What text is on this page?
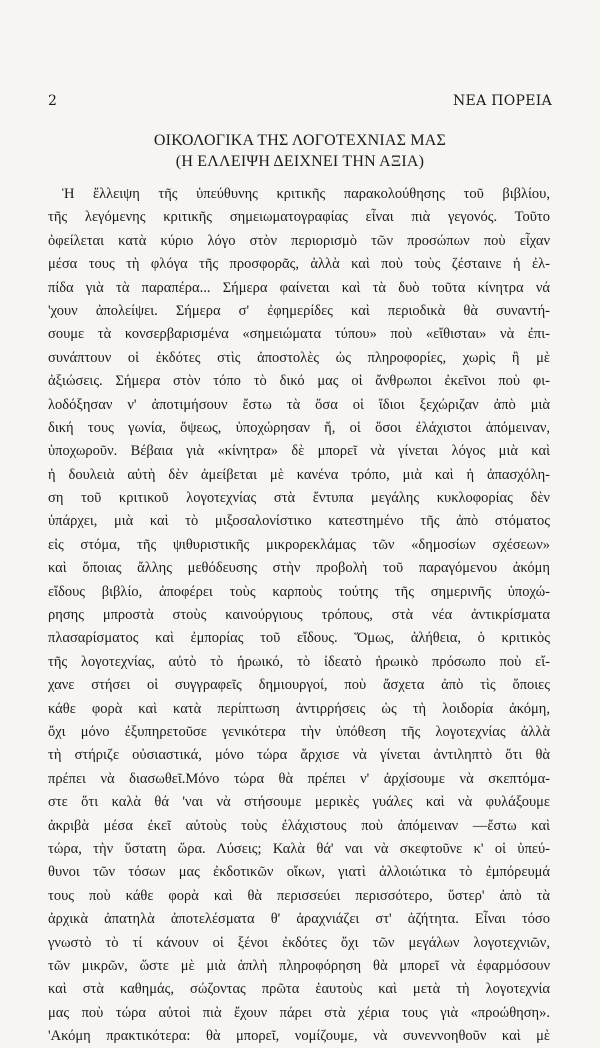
2	ΝΕΑ ΠΟΡΕΙΑ
ΟΙΚΟΛΟΓΙΚΑ ΤΗΣ ΛΟΓΟΤΕΧΝΙΑΣ ΜΑΣ
(Η ΕΛΛΕΙΨΗ ΔΕΙΧΝΕΙ ΤΗΝ ΑΞΙΑ)
Ἡ ἔλλειψη τῆς ὑπεύθυνης κριτικῆς παρακολούθησης τοῦ βιβλίου,
τῆς λεγόμενης κριτικῆς σημειωματογραφίας εἶναι πιὰ γεγονός. Τοῦτο
ὀφείλεται κατὰ κύριο λόγο στὸν περιορισμὸ τῶν προσώπων ποὺ εἶχαν
μέσα τους τὴ φλόγα τῆς προσφορᾶς, ἀλλὰ καὶ ποὺ τοὺς ζέσταινε ἡ ἐλ-
πίδα γιὰ τὰ παραπέρα... Σήμερα φαίνεται καὶ τὰ δυὸ τοῦτα κίνητρα νά
'χουν ἀπολείψει. Σήμερα σ' ἐφημερίδες καὶ περιοδικὰ θὰ συναντή-
σουμε τὰ κονσερβαρισμένα «σημειώματα τύπου» ποὺ «εἴθισται» νὰ ἐπι-
συνάπτουν οἱ ἐκδότες στὶς ἀποστολὲς ὡς πληροφορίες, χωρὶς ἢ μὲ
ἀξιώσεις. Σήμερα στὸν τόπο τὸ δικό μας οἱ ἄνθρωποι ἐκεῖνοι ποὺ φι-
λοδόξησαν ν' ἀποτιμήσουν ἔστω τὰ ὅσα οἱ ἴδιοι ξεχώριζαν ἀπὸ μιὰ
δική τους γωνία, ὄψεως, ὑποχώρησαν ἤ, οἱ ὅσοι ἐλάχιστοι ἀπόμειναν,
ὑποχωροῦν. Βέβαια γιὰ «κίνητρα» δὲ μπορεῖ νὰ γίνεται λόγος μιὰ καὶ
ἡ δουλειὰ αὐτὴ δὲν ἀμείβεται μὲ κανένα τρόπο, μιὰ καὶ ἡ ἀπασχόλη-
ση τοῦ κριτικοῦ λογοτεχνίας στὰ ἔντυπα μεγάλης κυκλοφορίας δὲν
ὑπάρχει, μιὰ καὶ τὸ μιξοσαλονίστικο κατεστημένο τῆς ἀπὸ στόματος
εἰς στόμα, τῆς ψιθυριστικῆς μικρορεκλάμας τῶν «δημοσίων σχέσεων»
καὶ ὅποιας ἄλλης μεθόδευσης στὴν προβολὴ τοῦ παραγόμενου ἀκόμη
εἴδους βιβλίο, ἀποφέρει τοὺς καρποὺς τούτης τῆς σημερινῆς ὑποχώ-
ρησης μπροστὰ στοὺς καινούργιους τρόπους, στὰ νέα ἀντικρίσματα
πλασαρίσματος καὶ ἐμπορίας τοῦ εἴδους. Ὅμως, ἀλήθεια, ὁ κριτικὸς
τῆς λογοτεχνίας, αὐτὸ τὸ ἡρωικό, τὸ ἰδεατὸ ἡρωικὸ πρόσωπο ποὺ εἴ-
χανε στήσει οἱ συγγραφεῖς δημιουργοί, ποὺ ἄσχετα ἀπὸ τὶς ὅποιες
κάθε φορὰ καὶ κατὰ περίπτωση ἀντιρρήσεις ὡς τὴ λοιδορία ἀκόμη,
ὄχι μόνο ἐξυπηρετοῦσε γενικότερα τὴν ὑπόθεση τῆς λογοτεχνίας ἀλλὰ
τὴ στήριζε οὐσιαστικά, μόνο τώρα ἄρχισε νὰ γίνεται ἀντιληπτὸ ὅτι θὰ
πρέπει νὰ διασωθεῖ.Μόνο τώρα θὰ πρέπει ν' ἀρχίσουμε νὰ σκεπτόμα-
στε ὅτι καλὰ θά 'ναι νὰ στήσουμε μερικὲς γυάλες καὶ νὰ φυλάξουμε
ἀκριβὰ μέσα ἐκεῖ αὐτοὺς τοὺς ἐλάχιστους ποὺ ἀπόμειναν —ἔστω καὶ
τώρα, τὴν ὕστατη ὥρα. Λύσεις; Καλὰ θά' ναι νὰ σκεφτοῦνε κ' οἱ ὑπεύ-
θυνοι τῶν τόσων μας ἐκδοτικῶν οἴκων, γιατὶ ἀλλοιώτικα τὸ ἐμπόρευμά
τους ποὺ κάθε φορὰ καὶ θὰ περισσεύει περισσότερο, ὕστερ' ἀπὸ τὰ
ἀρχικὰ ἀπατηλὰ ἀποτελέσματα θ' ἀραχνιάζει στ' ἀζήτητα. Εἶναι τόσο
γνωστὸ τὸ τί κάνουν οἱ ξένοι ἐκδότες ὄχι τῶν μεγάλων λογοτεχνιῶν,
τῶν μικρῶν, ὥστε μὲ μιὰ ἁπλὴ πληροφόρηση θὰ μπορεῖ νὰ ἐφαρμόσουν
καὶ στὰ καθημάς, σώζοντας πρῶτα ἑαυτοὺς καὶ μετὰ τὴ λογοτεχνία
μας ποὺ τώρα αὐτοὶ πιὰ ἔχουν πάρει στὰ χέρια τους γιὰ «προώθηση».
'Ακόμη πρακτικότερα: θὰ μπορεῖ, νομίζουμε, νὰ συνεννοηθοῦν καὶ μὲ
